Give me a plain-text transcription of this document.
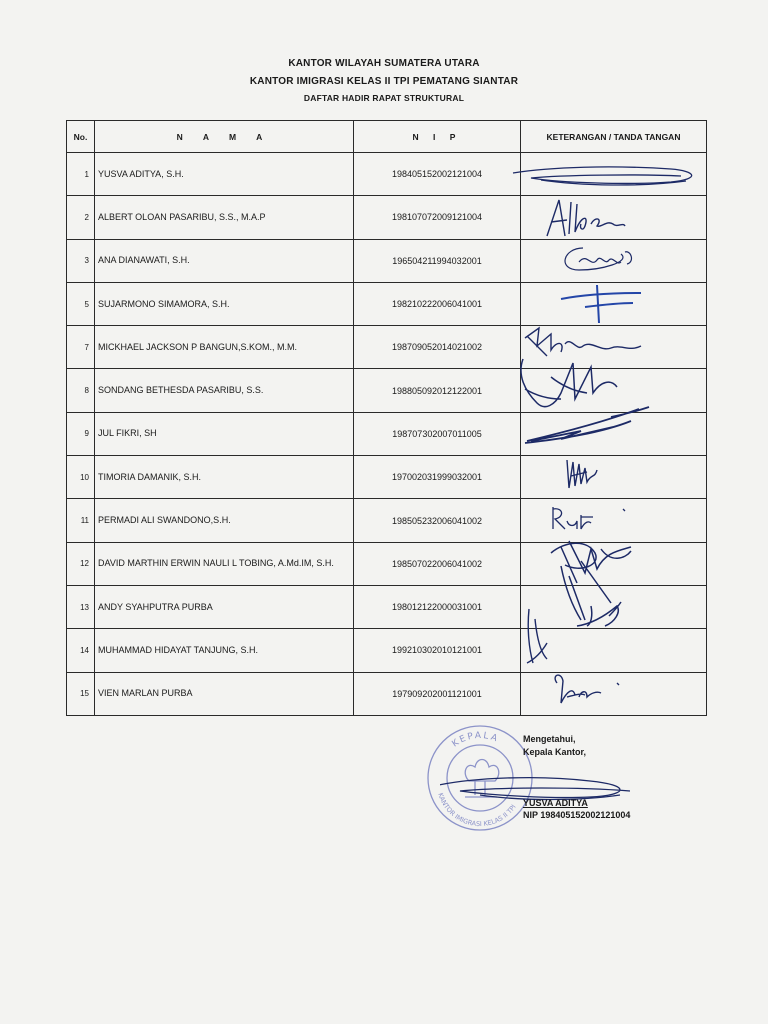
KANTOR WILAYAH SUMATERA UTARA
KANTOR IMIGRASI KELAS II TPI PEMATANG SIANTAR
DAFTAR HADIR RAPAT STRUKTURAL
No.	N A M A	N I P	KETERANGAN / TANDA TANGAN
1	YUSVA ADITYA, S.H.	198405152002121004	

2	ALBERT OLOAN PASARIBU, S.S., M.A.P	198107072009121004	

3	ANA DIANAWATI, S.H.	196504211994032001	

5	SUJARMONO SIMAMORA, S.H.	198210222006041001	

7	MICKHAEL JACKSON P BANGUN,S.KOM., M.M.	198709052014021002	

8	SONDANG BETHESDA PASARIBU, S.S.	198805092012122001	

9	JUL FIKRI, SH	198707302007011005	

10	TIMORIA DAMANIK, S.H.	197002031999032001	

11	PERMADI ALI SWANDONO,S.H.	198505232006041002	

12	DAVID MARTHIN ERWIN NAULI L TOBING, A.Md.IM, S.H.	198507022006041002	

13	ANDY SYAHPUTRA PURBA	198012122000031001	

14	MUHAMMAD HIDAYAT TANJUNG, S.H.	199210302010121001	

15	VIEN MARLAN PURBA	197909202001121001	
KEPALA
KANTOR IMIGRASI KELAS II TPI
Mengetahui,
Kepala Kantor,
YUSVA ADITYA
NIP 198405152002121004
